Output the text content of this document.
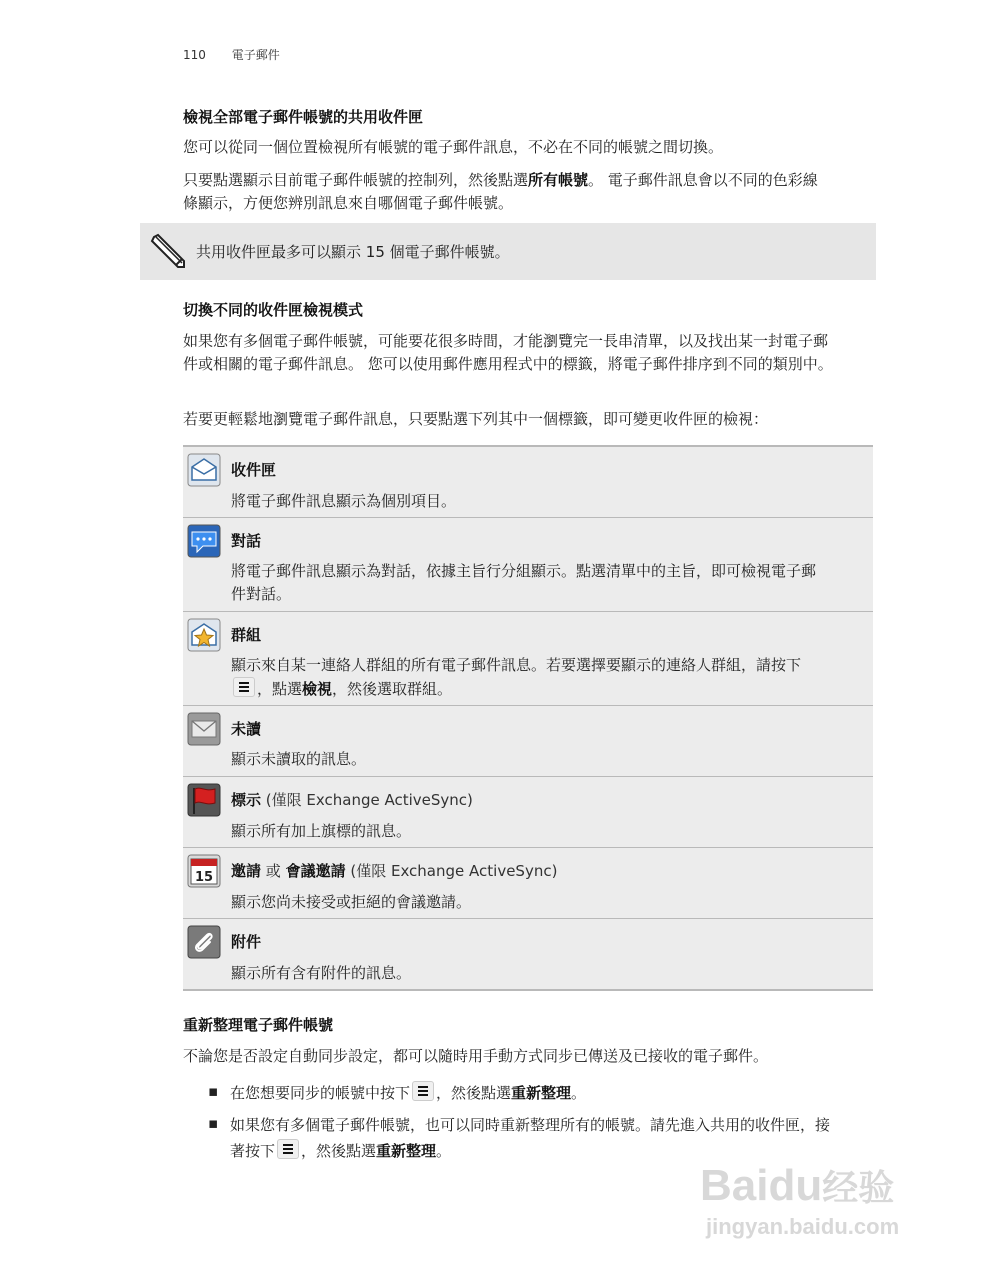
110 電子郵件
檢視全部電子郵件帳號的共用收件匣
您可以從同一個位置檢視所有帳號的電子郵件訊息，不必在不同的帳號之間切換。
只要點選顯示目前電子郵件帳號的控制列，然後點選所有帳號。 電子郵件訊息會以不同的色彩線
條顯示，方便您辨別訊息來自哪個電子郵件帳號。
共用收件匣最多可以顯示 15 個電子郵件帳號。
切換不同的收件匣檢視模式
如果您有多個電子郵件帳號，可能要花很多時間，才能瀏覽完一長串清單，以及找出某一封電子郵
件或相關的電子郵件訊息。 您可以使用郵件應用程式中的標籤，將電子郵件排序到不同的類別中。
若要更輕鬆地瀏覽電子郵件訊息，只要點選下列其中一個標籤，即可變更收件匣的檢視：
收件匣
將電子郵件訊息顯示為個別項目。
對話
將電子郵件訊息顯示為對話，依據主旨行分組顯示。點選清單中的主旨，即可檢視電子郵
件對話。
群組
顯示來自某一連絡人群組的所有電子郵件訊息。若要選擇要顯示的連絡人群組，請按下

，點選檢視，然後選取群組。
未讀
顯示未讀取的訊息。
標示 (僅限 Exchange ActiveSync)
顯示所有加上旗標的訊息。
15 邀請 或 會議邀請 (僅限 Exchange ActiveSync)
顯示您尚未接受或拒絕的會議邀請。
附件
顯示所有含有附件的訊息。
重新整理電子郵件帳號
不論您是否設定自動同步設定，都可以隨時用手動方式同步已傳送及已接收的電子郵件。
▪ 在您想要同步的帳號中按下 ，然後點選重新整理。
▪ 如果您有多個電子郵件帳號，也可以同時重新整理所有的帳號。請先進入共用的收件匣，接
著按下 ，然後點選重新整理。
Baidu经验
jingyan.baidu.com
